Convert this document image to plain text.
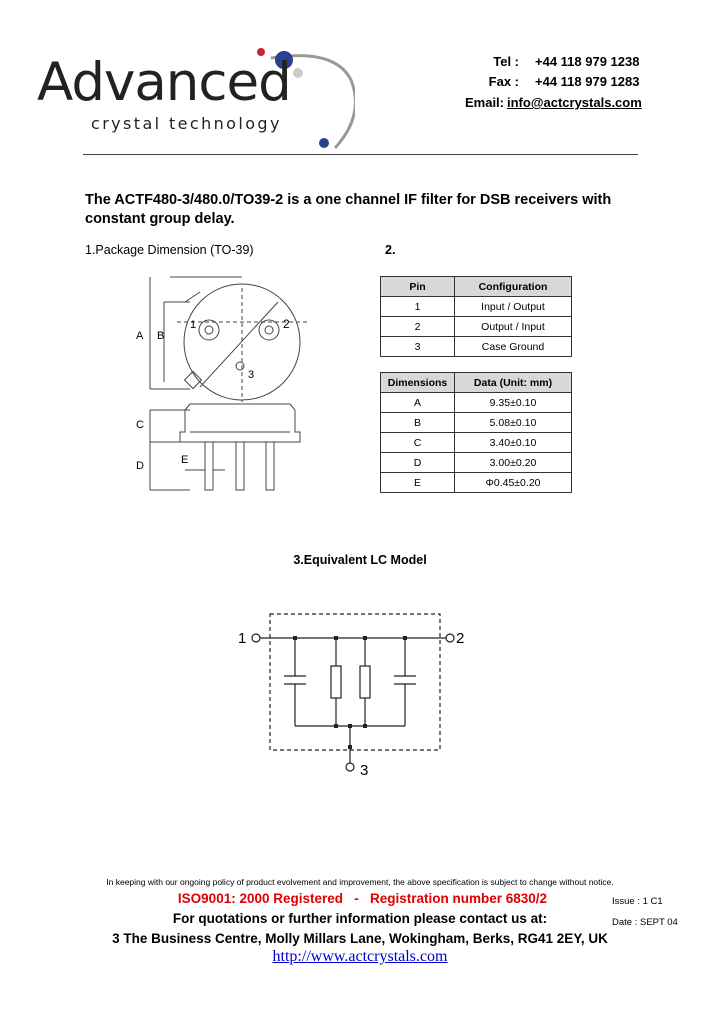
Advanced
crystal technology
Tel : +44 118 979 1238
Fax : +44 118 979 1283
Email: info@actcrystals.com
The ACTF480-3/480.0/TO39-2 is a one channel IF filter for DSB receivers with
constant group delay.
1.Package Dimension (TO-39)	2.
A B
C
D	E
1	2
3
Pin	Configuration
1	Input / Output
2	Output / Input
3	Case Ground
Dimensions	Data (Unit: mm)
A	9.35±0.10
B	5.08±0.10
C	3.40±0.10
D	3.00±0.20
E	Φ0.45±0.20
3.Equivalent LC Model
1	2
3
In keeping with our ongoing policy of product evolvement and improvement, the above specification is subject to change without notice.
ISO9001: 2000 Registered   -   Registration number 6830/2
For quotations or further information please contact us at:
3 The Business Centre, Molly Millars Lane, Wokingham, Berks, RG41 2EY, UK
http://www.actcrystals.com
Issue : 1 C1
Date : SEPT 04
